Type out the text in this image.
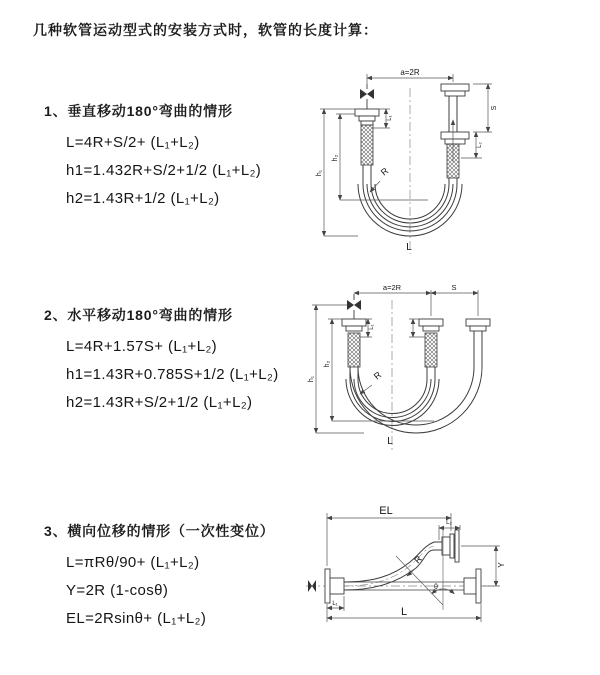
几种软管运动型式的安装方式时，软管的长度计算：
1、垂直移动180°弯曲的情形
L=4R+S/2+ (L₁+L₂)
h1=1.432R+S/2+1/2 (L₁+L₂)
h2=1.43R+1/2 (L₁+L₂)
2、水平移动180°弯曲的情形
L=4R+1.57S+ (L₁+L₂)
h1=1.43R+0.785S+1/2 (L₁+L₂)
h2=1.43R+S/2+1/2 (L₁+L₂)
3、横向位移的情形（一次性变位）
L=πRθ/90+ (L₁+L₂)
Y=2R (1-cosθ)
EL=2Rsinθ+ (L₁+L₂)
a=2R
S
L₂
L₁
h₁
h₂
R
L
a=2R	S
h₁
h₂
L₁
R
L
EL
L₂
Y
R
θ
L₁
L
